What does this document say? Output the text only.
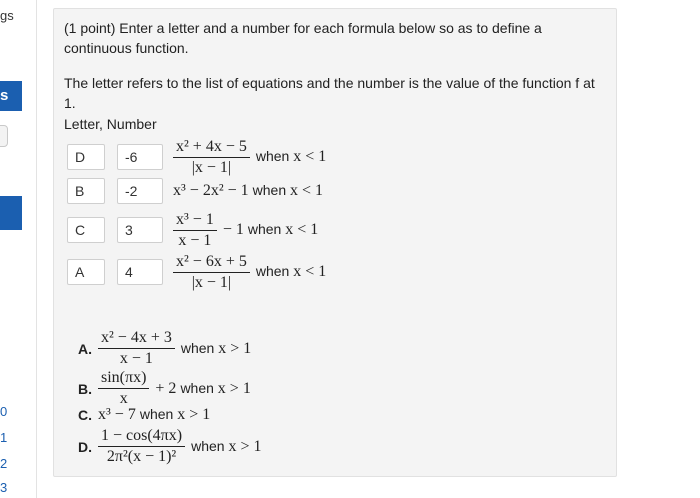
gs
s
0
1
2
3

(1 point) Enter a letter and a number for each formula below so as to define a continuous function.

The letter refers to the list of equations and the number is the value of the function f at 1.

Letter, Number

D
-6
$\frac{\text{x² + 4x − 5}}{|x - 1|}$ when x < 1
B
-2
x³ − 2x² − 1 when x < 1
C
3
$\frac{\text{x³ − 1}}{x - 1} - 1$ when x < 1
A
4
$\frac{\text{x² − 6x + 5}}{|x - 1|}$ when x < 1
A. $\frac{\text{x² − 4x + 3}}{x - 1}$ when x > 1
B. $\frac{\sin(\pi x)}{x} + 2$ when x > 1
C. x³ − 7 when x > 1
D. $\frac{1 - \cos(4\pi x)}{\text{2π²(x − 1)²}}$ when x > 1
